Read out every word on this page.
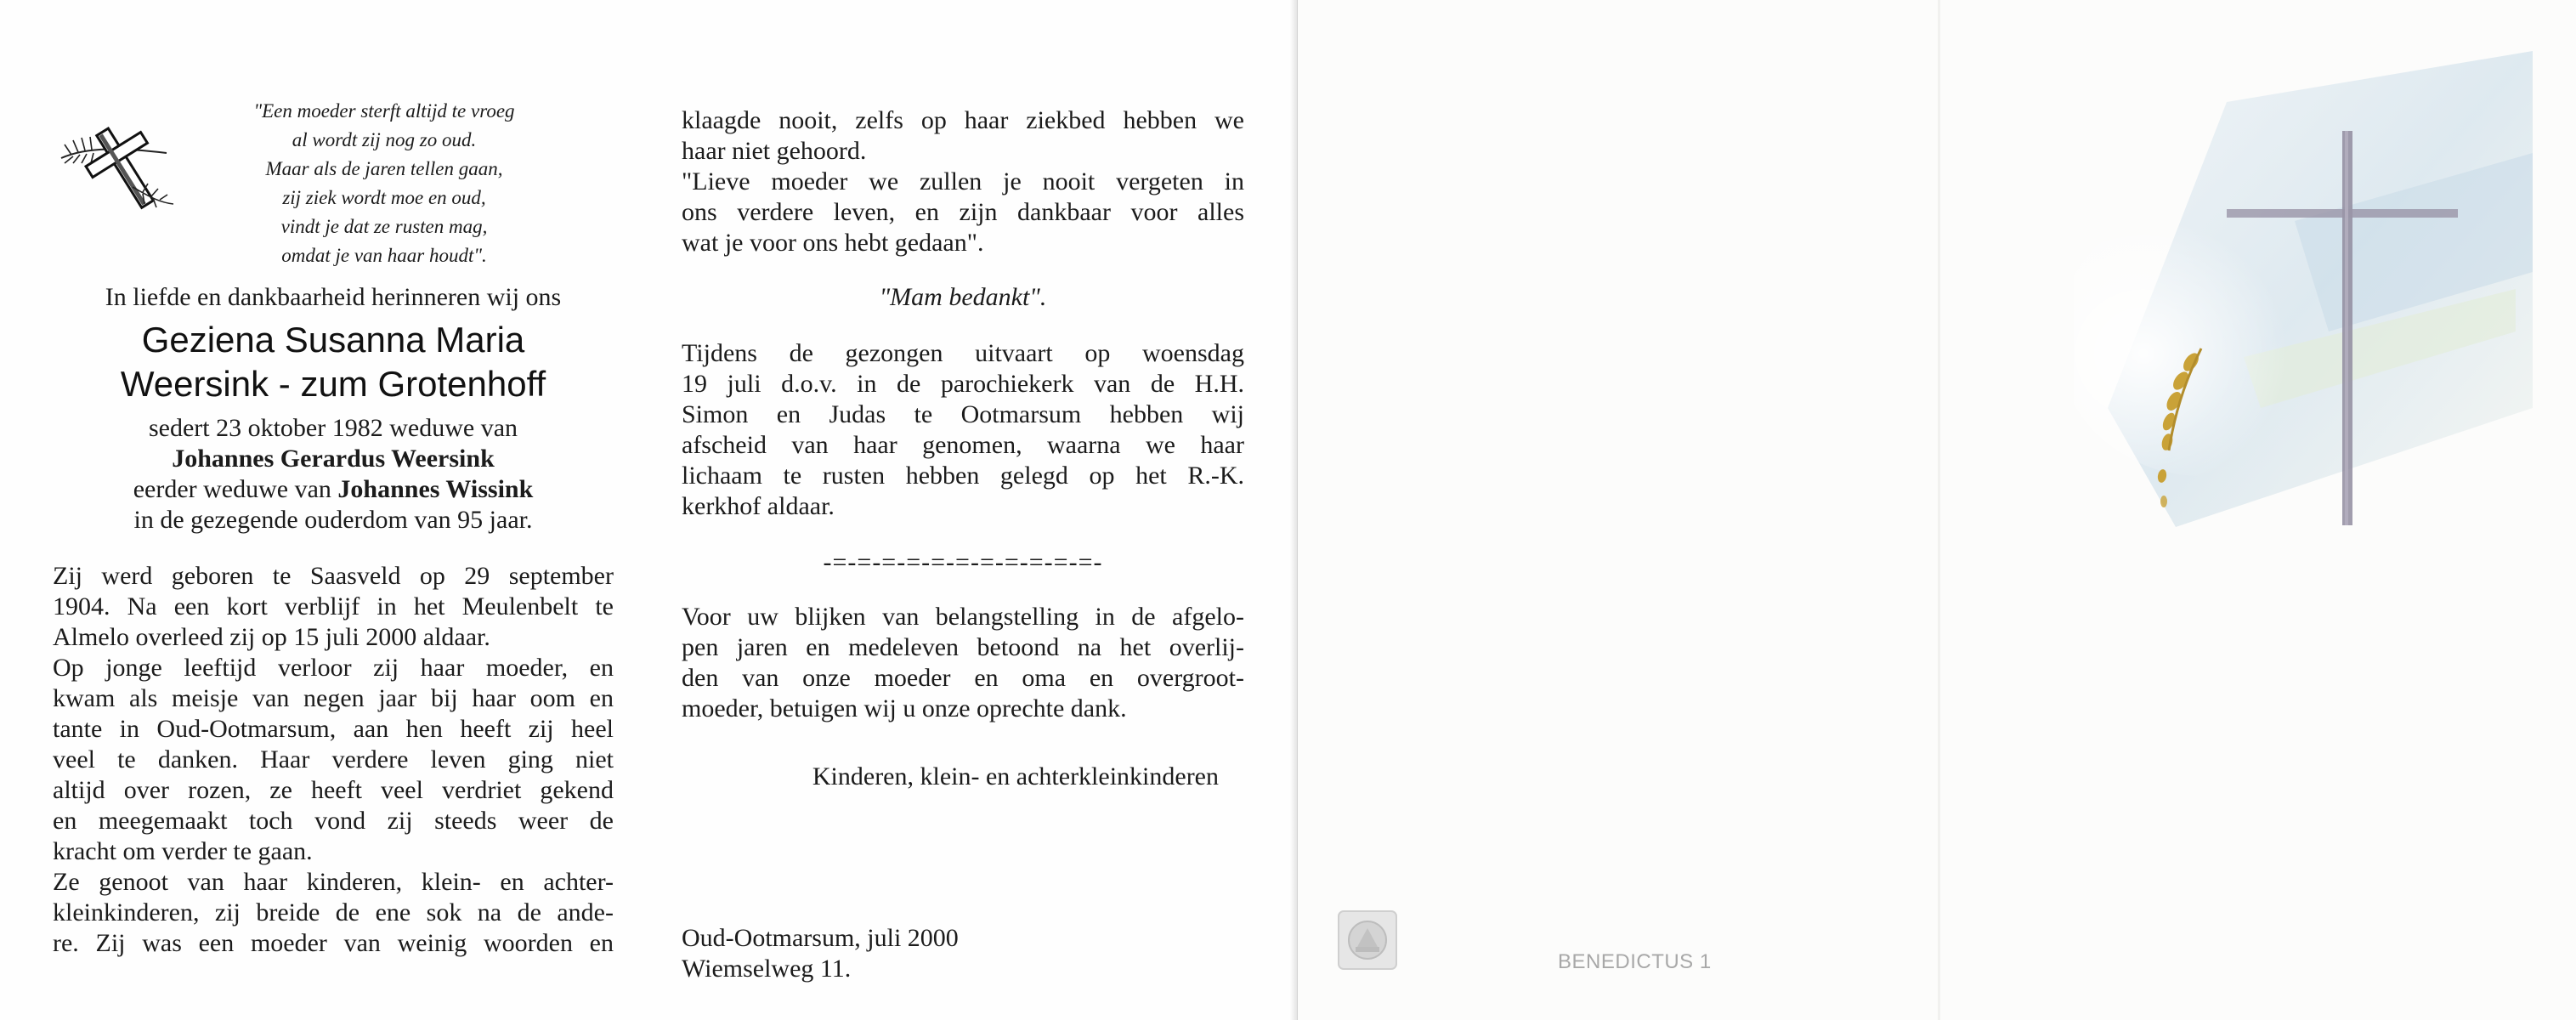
"Een moeder sterft altijd te vroeg
al wordt zij nog zo oud.
Maar als de jaren tellen gaan,
zij ziek wordt moe en oud,
vindt je dat ze rusten mag,
omdat je van haar houdt".
In liefde en dankbaarheid herinneren wij ons
Geziena Susanna Maria
Weersink - zum Grotenhoff
sedert 23 oktober 1982 weduwe van
Johannes Gerardus Weersink
eerder weduwe van Johannes Wissink
in de gezegende ouderdom van 95 jaar.
Zij werd geboren te Saasveld op 29 september
1904. Na een kort verblijf in het Meulenbelt te
Almelo overleed zij op 15 juli 2000 aldaar.
Op jonge leeftijd verloor zij haar moeder, en
kwam als meisje van negen jaar bij haar oom en
tante in Oud-Ootmarsum, aan hen heeft zij heel
veel te danken. Haar verdere leven ging niet
altijd over rozen, ze heeft veel verdriet gekend
en meegemaakt toch vond zij steeds weer de
kracht om verder te gaan.
Ze genoot van haar kinderen, klein- en achter-
kleinkinderen, zij breide de ene sok na de ande-
re. Zij was een moeder van weinig woorden en
klaagde nooit, zelfs op haar ziekbed hebben we
haar niet gehoord.
"Lieve moeder we zullen je nooit vergeten in
ons verdere leven, en zijn dankbaar voor alles
wat je voor ons hebt gedaan".
"Mam bedankt".
Tijdens de gezongen uitvaart op woensdag
19 juli d.o.v. in de parochiekerk van de H.H.
Simon en Judas te Ootmarsum hebben wij
afscheid van haar genomen, waarna we haar
lichaam te rusten hebben gelegd op het R.-K.
kerkhof aldaar.
-=-=-=-=-=-=-=-=-=-=-=-
Voor uw blijken van belangstelling in de afgelo-
pen jaren en medeleven betoond na het overlij-
den van onze moeder en oma en overgroot-
moeder, betuigen wij u onze oprechte dank.
Kinderen, klein- en achterkleinkinderen
Oud-Ootmarsum, juli 2000
Wiemselweg 11.	BENEDICTUS 1
